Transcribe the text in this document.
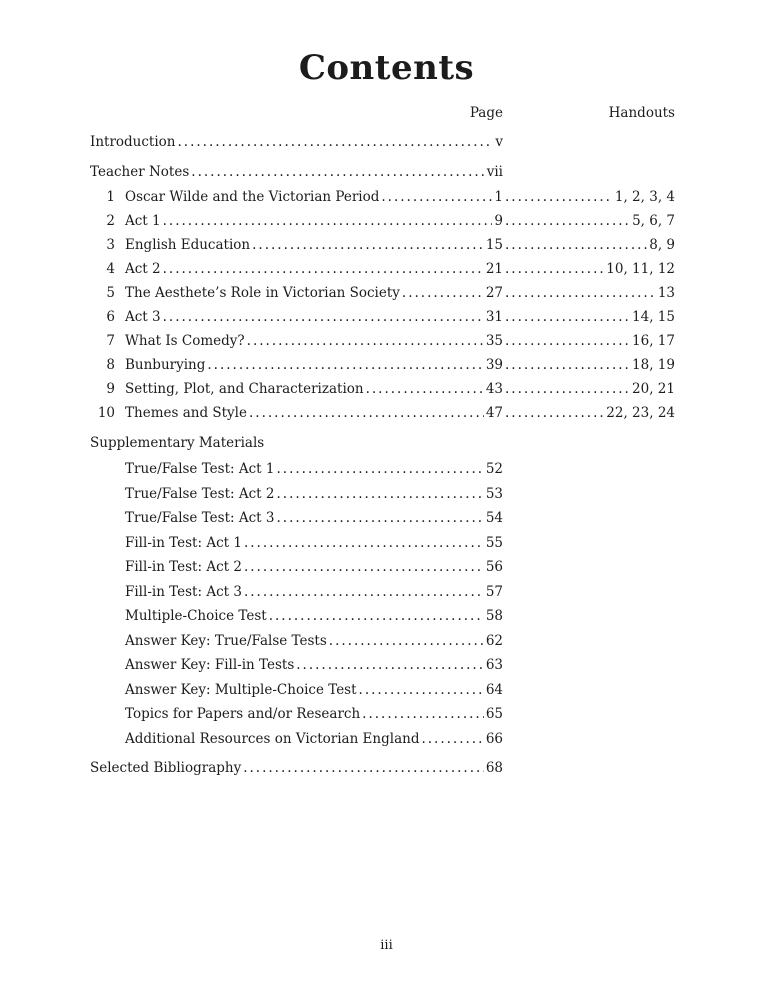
Contents
Page	Handouts
Introduction .....	v
Teacher Notes .....	vii
1 Oscar Wilde and the Victorian Period .....	1 .....	1, 2, 3, 4
2 Act 1 .....	9 .....	5, 6, 7
3 English Education .....	15 .....	8, 9
4 Act 2 .....	21 .....	10, 11, 12
5 The Aesthete’s Role in Victorian Society .....	27 .....	13
6 Act 3 .....	31 .....	14, 15
7 What Is Comedy? .....	35 .....	16, 17
8 Bunburying .....	39 .....	18, 19
9 Setting, Plot, and Characterization .....	43 .....	20, 21
10 Themes and Style .....	47 .....	22, 23, 24
Supplementary Materials
True/False Test: Act 1 .....	52
True/False Test: Act 2 .....	53
True/False Test: Act 3 .....	54
Fill-in Test: Act 1 .....	55
Fill-in Test: Act 2 .....	56
Fill-in Test: Act 3 .....	57
Multiple-Choice Test .....	58
Answer Key: True/False Tests .....	62
Answer Key: Fill-in Tests .....	63
Answer Key: Multiple-Choice Test .....	64
Topics for Papers and/or Research .....	65
Additional Resources on Victorian England .....	66
Selected Bibliography .....	68
iii
